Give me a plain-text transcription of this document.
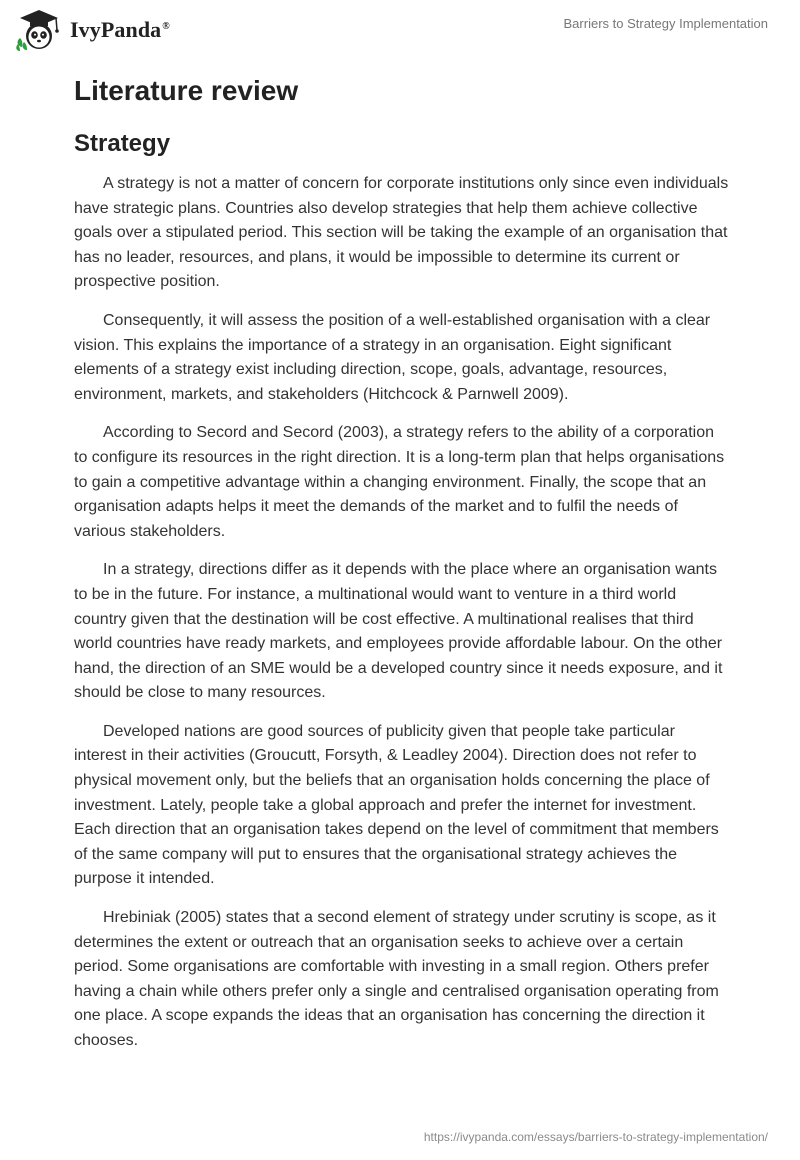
IvyPanda®	Barriers to Strategy Implementation
Literature review
Strategy

A strategy is not a matter of concern for corporate institutions only since even individuals have strategic plans. Countries also develop strategies that help them achieve collective goals over a stipulated period. This section will be taking the example of an organisation that has no leader, resources, and plans, it would be impossible to determine its current or prospective position.

Consequently, it will assess the position of a well-established organisation with a clear vision. This explains the importance of a strategy in an organisation. Eight significant elements of a strategy exist including direction, scope, goals, advantage, resources, environment, markets, and stakeholders (Hitchcock & Parnwell 2009).

According to Secord and Secord (2003), a strategy refers to the ability of a corporation to configure its resources in the right direction. It is a long-term plan that helps organisations to gain a competitive advantage within a changing environment. Finally, the scope that an organisation adapts helps it meet the demands of the market and to fulfil the needs of various stakeholders.

In a strategy, directions differ as it depends with the place where an organisation wants to be in the future. For instance, a multinational would want to venture in a third world country given that the destination will be cost effective. A multinational realises that third world countries have ready markets, and employees provide affordable labour. On the other hand, the direction of an SME would be a developed country since it needs exposure, and it should be close to many resources.

Developed nations are good sources of publicity given that people take particular interest in their activities (Groucutt, Forsyth, & Leadley 2004). Direction does not refer to physical movement only, but the beliefs that an organisation holds concerning the place of investment. Lately, people take a global approach and prefer the internet for investment. Each direction that an organisation takes depend on the level of commitment that members of the same company will put to ensures that the organisational strategy achieves the purpose it intended.

Hrebiniak (2005) states that a second element of strategy under scrutiny is scope, as it determines the extent or outreach that an organisation seeks to achieve over a certain period. Some organisations are comfortable with investing in a small region. Others prefer having a chain while others prefer only a single and centralised organisation operating from one place. A scope expands the ideas that an organisation has concerning the direction it chooses.

https://ivypanda.com/essays/barriers-to-strategy-implementation/
